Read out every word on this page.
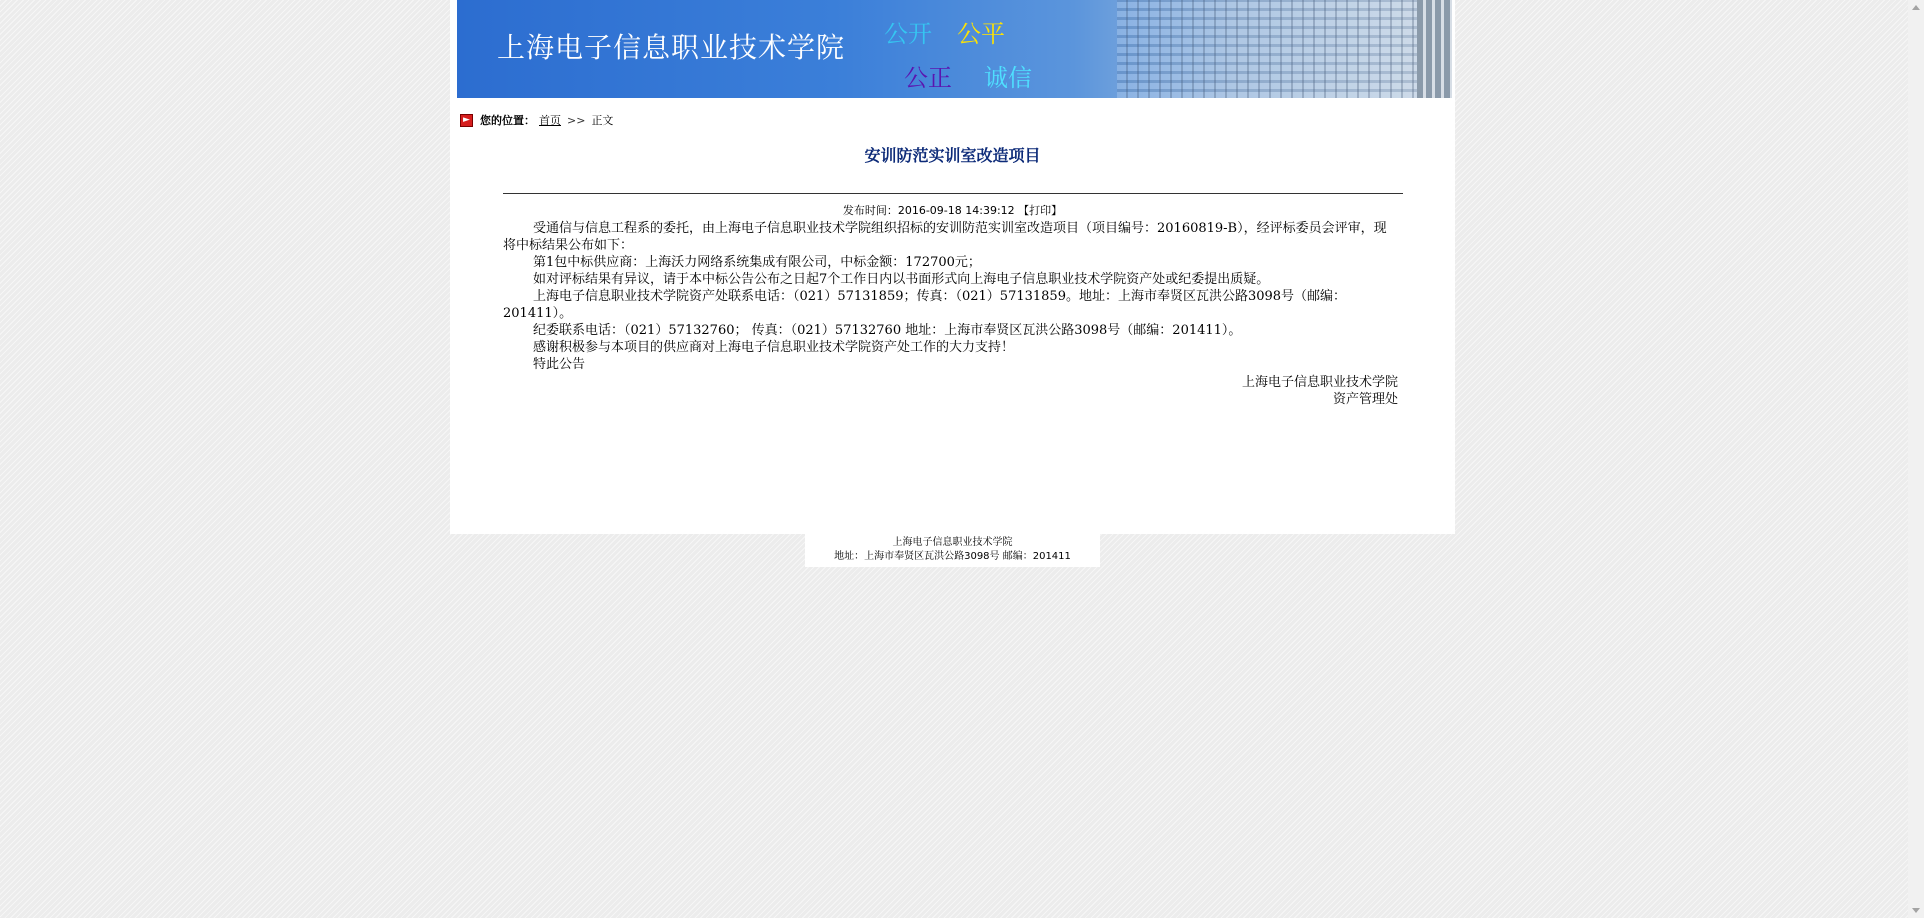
上海电子信息职业技术学院 公开 公平
公正 诚信
► 您的位置： 首页 >> 正文
安训防范实训室改造项目
发布时间：2016-09-18 14:39:12 【打印】

受通信与信息工程系的委托，由上海电子信息职业技术学院组织招标的安训防范实训室改造项目（项目编号：20160819-B），经评标委员会评审，现将中标结果公布如下：

第1包中标供应商：上海沃力网络系统集成有限公司，中标金额：172700元；

如对评标结果有异议，请于本中标公告公布之日起7个工作日内以书面形式向上海电子信息职业技术学院资产处或纪委提出质疑。

上海电子信息职业技术学院资产处联系电话：（021）57131859；传真：（021）57131859。地址：上海市奉贤区瓦洪公路3098号（邮编：201411）。

纪委联系电话：（021）57132760； 传真：（021）57132760 地址：上海市奉贤区瓦洪公路3098号（邮编：201411）。

感谢积极参与本项目的供应商对上海电子信息职业技术学院资产处工作的大力支持！

特此公告

上海电子信息职业技术学院
资产管理处
上海电子信息职业技术学院
地址：上海市奉贤区瓦洪公路3098号 邮编：201411
